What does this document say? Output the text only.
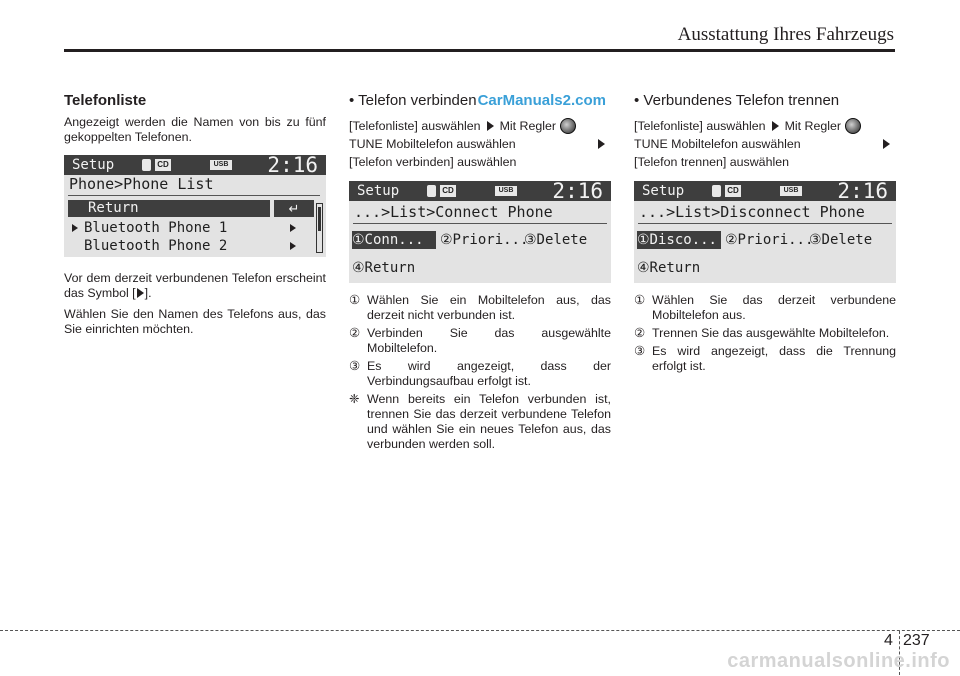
Ausstattung Ihres Fahrzeugs
Telefonliste

Angezeigt werden die Namen von bis zu fünf gekoppelten Telefonen.

Setup	CD	USB 2:16
Phone>Phone List
Return	↵
Bluetooth Phone 1
Bluetooth Phone 2

Vor dem derzeit verbundenen Telefon erscheint das Symbol [ ].

Wählen Sie den Namen des Telefons aus, das Sie einrichten möchten.

• Telefon verbindenCarManuals2.com
[Telefonliste] auswählen Mit Regler
TUNE Mobiltelefon auswählen
[Telefon verbinden] auswählen
Setup	CD	USB 2:16
...>List>Connect Phone
①Conn...	②Priori...
③Delete
④Return
① Wählen Sie ein Mobiltelefon aus, das derzeit nicht verbunden ist.
② Verbinden Sie das ausgewählte Mobiltelefon.
③ Es wird angezeigt, dass der Verbindungsaufbau erfolgt ist.
❈ Wenn bereits ein Telefon verbunden ist, trennen Sie das derzeit verbundene Telefon und wählen Sie ein neues Telefon aus, das verbunden werden soll.
• Verbundenes Telefon trennen
[Telefonliste] auswählen Mit Regler
TUNE Mobiltelefon auswählen
[Telefon trennen] auswählen
Setup	CD	USB 2:16
...>List>Disconnect Phone
①Disco... ②Priori...
③Delete
④Return
① Wählen Sie das derzeit verbundene Mobiltelefon aus.
② Trennen Sie das ausgewählte Mobiltelefon.
③ Es wird angezeigt, dass die Trennung erfolgt ist.
4 237
carmanualsonline.info
